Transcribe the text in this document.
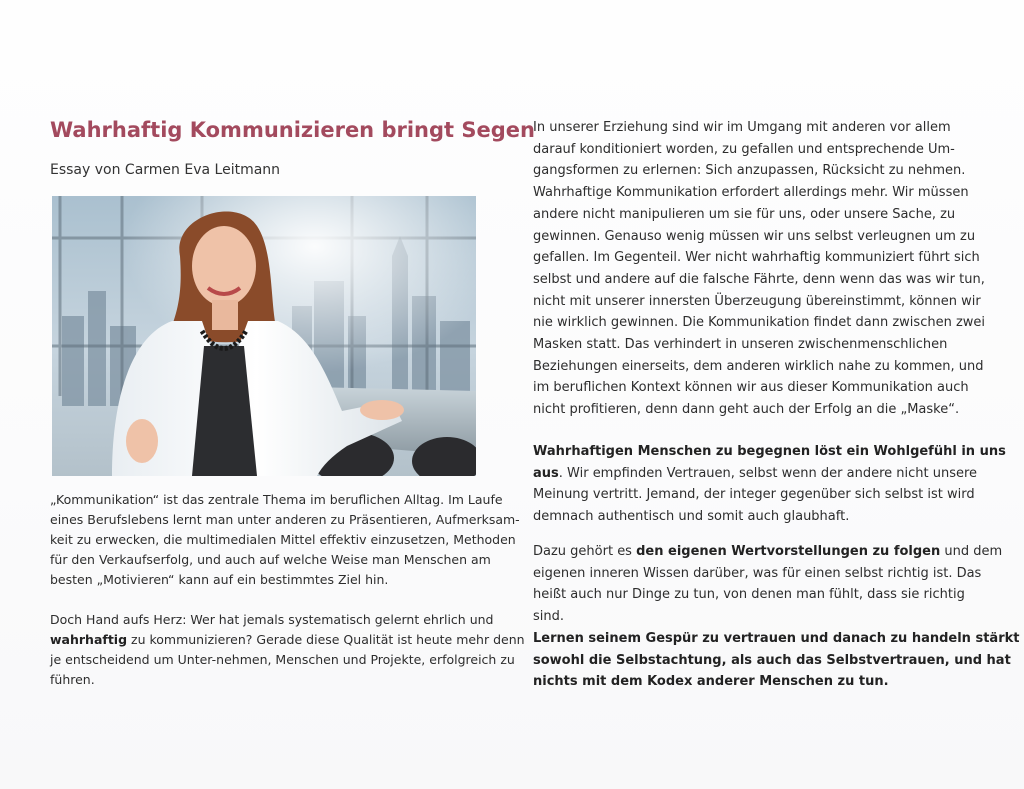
Wahrhaftig Kommunizieren bringt Segen
Essay von Carmen Eva Leitmann
„Kommunikation“ ist das zentrale Thema im beruflichen Alltag. Im Laufe
eines Berufslebens lernt man unter anderen zu Präsentieren, Aufmerksam-
keit zu erwecken, die multimedialen Mittel effektiv einzusetzen, Methoden
für den Verkaufserfolg, und auch auf welche Weise man Menschen am
besten „Motivieren“ kann auf ein bestimmtes Ziel hin.
Doch Hand aufs Herz: Wer hat jemals systematisch gelernt ehrlich und
wahrhaftig zu kommunizieren? Gerade diese Qualität ist heute mehr denn
je entscheidend um Unter-nehmen, Menschen und Projekte, erfolgreich zu
führen.
In unserer Erziehung sind wir im Umgang mit anderen vor allem
darauf konditioniert worden, zu gefallen und entsprechende Um-
gangsformen zu erlernen: Sich anzupassen, Rücksicht zu nehmen.
Wahrhaftige Kommunikation erfordert allerdings mehr. Wir müssen
andere nicht manipulieren um sie für uns, oder unsere Sache, zu
gewinnen. Genauso wenig müssen wir uns selbst verleugnen um zu
gefallen. Im Gegenteil. Wer nicht wahrhaftig kommuniziert führt sich
selbst und andere auf die falsche Fährte, denn wenn das was wir tun,
nicht mit unserer innersten Überzeugung übereinstimmt, können wir
nie wirklich gewinnen. Die Kommunikation findet dann zwischen zwei
Masken statt. Das verhindert in unseren zwischenmenschlichen
Beziehungen einerseits, dem anderen wirklich nahe zu kommen, und
im beruflichen Kontext können wir aus dieser Kommunikation auch
nicht profitieren, denn dann geht auch der Erfolg an die „Maske“.
Wahrhaftigen Menschen zu begegnen löst ein Wohlgefühl in uns
aus. Wir empfinden Vertrauen, selbst wenn der andere nicht unsere
Meinung vertritt. Jemand, der integer gegenüber sich selbst ist wird
demnach authentisch und somit auch glaubhaft.
Dazu gehört es den eigenen Wertvorstellungen zu folgen und dem
eigenen inneren Wissen darüber, was für einen selbst richtig ist. Das
heißt auch nur Dinge zu tun, von denen man fühlt, dass sie richtig
sind.
Lernen seinem Gespür zu vertrauen und danach zu handeln stärkt
sowohl die Selbstachtung, als auch das Selbstvertrauen, und hat
nichts mit dem Kodex anderer Menschen zu tun.
